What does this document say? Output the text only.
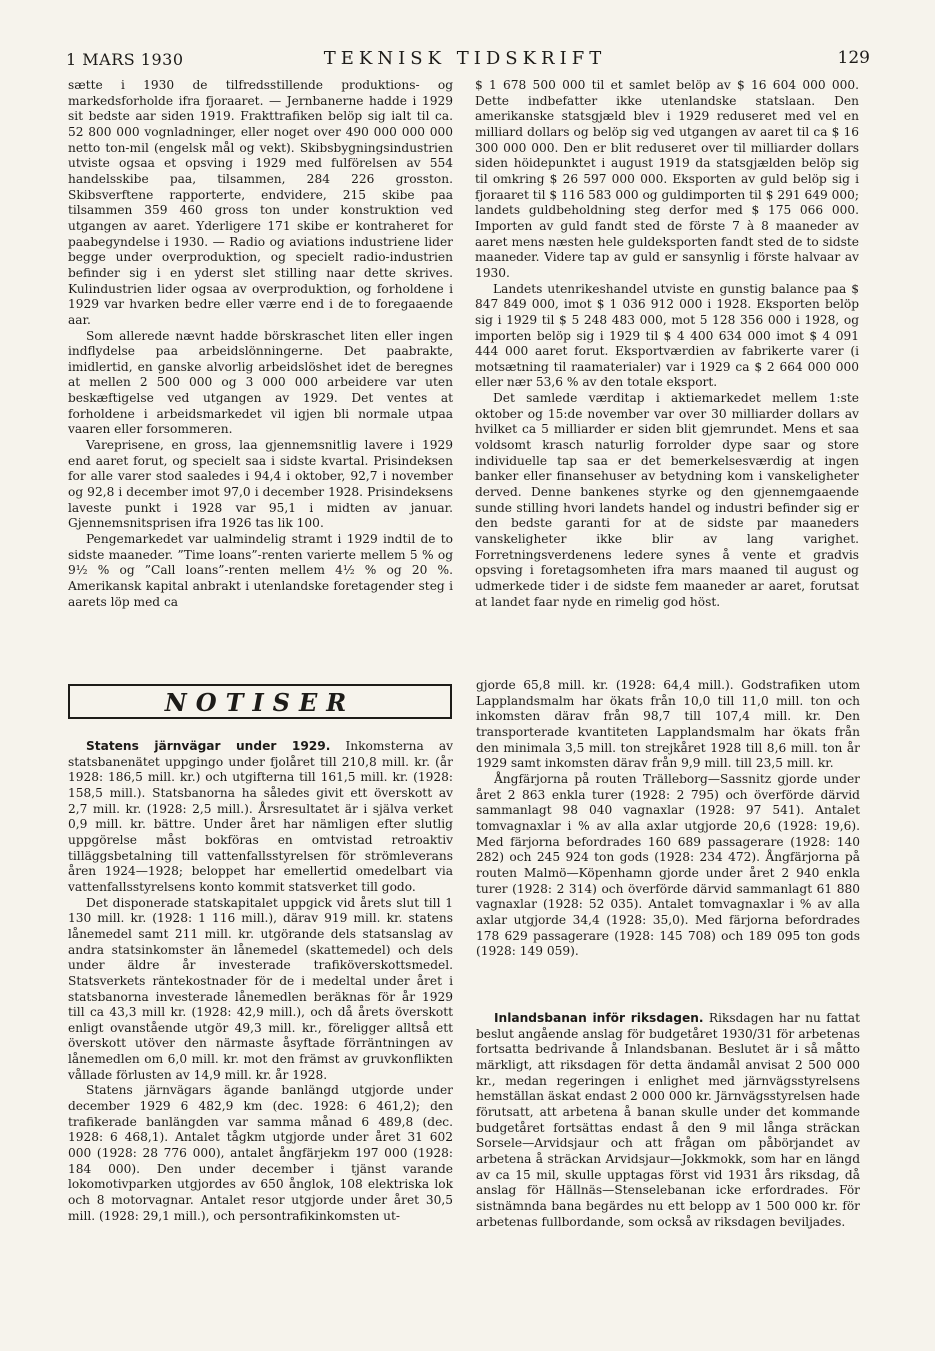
1 MARS 1930	TEKNISK TIDSKRIFT	129

sætte i 1930 de tilfredsstillende produktions- og markedsforholde ifra fjoraaret. — Jernbanerne hadde i 1929 sit bedste aar siden 1919. Frakttrafiken belöp sig ialt til ca. 52 800 000 vognladninger, eller noget over 490 000 000 000 netto ton-mil (engelsk mål og vekt). Skibsbygningsindustrien utviste ogsaa et opsving i 1929 med fulförelsen av 554 handelsskibe paa, tilsammen, 284 226 grosston. Skibsverftene rapporterte, endvidere, 215 skibe paa tilsammen 359 460 gross ton under konstruktion ved utgangen av aaret. Yderligere 171 skibe er kontraheret for paabegyndelse i 1930. — Radio og aviations industriene lider begge under overproduktion, og specielt radio-industrien befinder sig i en yderst slet stilling naar dette skrives. Kulindustrien lider ogsaa av overproduktion, og forholdene i 1929 var hvarken bedre eller værre end i de to foregaaende aar.

Som allerede nævnt hadde börskraschet liten eller ingen indflydelse paa arbeidslönningerne. Det paabrakte, imidlertid, en ganske alvorlig arbeidslöshet idet de beregnes at mellen 2 500 000 og 3 000 000 arbeidere var uten beskæftigelse ved utgangen av 1929. Det ventes at forholdene i arbeidsmarkedet vil igjen bli normale utpaa vaaren eller forsommeren.

Vareprisene, en gross, laa gjennemsnitlig lavere i 1929 end aaret forut, og specielt saa i sidste kvartal. Prisindeksen for alle varer stod saaledes i 94,4 i oktober, 92,7 i november og 92,8 i december imot 97,0 i december 1928. Prisindeksens laveste punkt i 1928 var 95,1 i midten av januar. Gjennemsnitsprisen ifra 1926 tas lik 100.

Pengemarkedet var ualmindelig stramt i 1929 indtil de to sidste maaneder. ”Time loans”-renten varierte mellem 5 % og 9½ % og ”Call loans”-renten mellem 4½ % og 20 %. Amerikansk kapital anbrakt i utenlandske foretagender steg i aarets löp med ca

$ 1 678 500 000 til et samlet belöp av $ 16 604 000 000. Dette indbefatter ikke utenlandske statslaan. Den amerikanske statsgjæld blev i 1929 reduseret med vel en milliard dollars og belöp sig ved utgangen av aaret til ca $ 16 300 000 000. Den er blit reduseret over til milliarder dollars siden höidepunktet i august 1919 da statsgjælden belöp sig til omkring $ 26 597 000 000. Eksporten av guld belöp sig i fjoraaret til $ 116 583 000 og guldimporten til $ 291 649 000; landets guldbeholdning steg derfor med $ 175 066 000. Importen av guld fandt sted de förste 7 à 8 maaneder av aaret mens næsten hele guldeksporten fandt sted de to sidste maaneder. Videre tap av guld er sansynlig i förste halvaar av 1930.

Landets utenrikeshandel utviste en gunstig balance paa $ 847 849 000, imot $ 1 036 912 000 i 1928. Eksporten belöp sig i 1929 til $ 5 248 483 000, mot 5 128 356 000 i 1928, og importen belöp sig i 1929 til $ 4 400 634 000 imot $ 4 091 444 000 aaret forut. Eksportværdien av fabrikerte varer (i motsætning til raamaterialer) var i 1929 ca $ 2 664 000 000 eller nær 53,6 % av den totale eksport.

Det samlede værditap i aktiemarkedet mellem 1:ste oktober og 15:de november var over 30 milliarder dollars av hvilket ca 5 milliarder er siden blit gjemrundet. Mens et saa voldsomt krasch naturlig forrolder dype saar og store individuelle tap saa er det bemerkelsesværdig at ingen banker eller finansehuser av betydning kom i vanskeligheter derved. Denne bankenes styrke og den gjennemgaaende sunde stilling hvori landets handel og industri befinder sig er den bedste garanti for at de sidste par maaneders vanskeligheter ikke blir av lang varighet. Forretningsverdenens ledere synes å vente et gradvis opsving i foretagsomheten ifra mars maaned til august og udmerkede tider i de sidste fem maaneder ar aaret, forutsat at landet faar nyde en rimelig god höst.

NOTISER

Statens järnvägar under 1929. Inkomsterna av statsbanenätet uppgingo under fjolåret till 210,8 mill. kr. (år 1928: 186,5 mill. kr.) och utgifterna till 161,5 mill. kr. (1928: 158,5 mill.). Statsbanorna ha således givit ett överskott av 2,7 mill. kr. (1928: 2,5 mill.). Årsresultatet är i själva verket 0,9 mill. kr. bättre. Under året har nämligen efter slutlig uppgörelse måst bokföras en omtvistad retroaktiv tilläggsbetalning till vattenfallsstyrelsen för strömleverans åren 1924—1928; beloppet har emellertid omedelbart via vattenfallsstyrelsens konto kommit statsverket till godo.

Det disponerade statskapitalet uppgick vid årets slut till 1 130 mill. kr. (1928: 1 116 mill.), därav 919 mill. kr. statens lånemedel samt 211 mill. kr. utgörande dels statsanslag av andra statsinkomster än lånemedel (skattemedel) och dels under äldre år investerade trafiköverskottsmedel. Statsverkets räntekostnader för de i medeltal under året i statsbanorna investerade lånemedlen beräknas för år 1929 till ca 43,3 mill kr. (1928: 42,9 mill.), och då årets överskott enligt ovanstående utgör 49,3 mill. kr., föreligger alltså ett överskott utöver den närmaste åsyftade förräntningen av lånemedlen om 6,0 mill. kr. mot den främst av gruvkonflikten vållade förlusten av 14,9 mill. kr. år 1928.

Statens järnvägars ägande banlängd utgjorde under december 1929 6 482,9 km (dec. 1928: 6 461,2); den trafikerade banlängden var samma månad 6 489,8 (dec. 1928: 6 468,1). Antalet tågkm utgjorde under året 31 602 000 (1928: 28 776 000), antalet ångfärjekm 197 000 (1928: 184 000). Den under december i tjänst varande lokomotivparken utgjordes av 650 ånglok, 108 elektriska lok och 8 motorvagnar. Antalet resor utgjorde under året 30,5 mill. (1928: 29,1 mill.), och persontrafikinkomsten ut-

gjorde 65,8 mill. kr. (1928: 64,4 mill.). Godstrafiken utom Lapplandsmalm har ökats från 10,0 till 11,0 mill. ton och inkomsten därav från 98,7 till 107,4 mill. kr. Den transporterade kvantiteten Lapplandsmalm har ökats från den minimala 3,5 mill. ton strejkåret 1928 till 8,6 mill. ton år 1929 samt inkomsten därav från 9,9 mill. till 23,5 mill. kr.

Ångfärjorna på routen Trälleborg—Sassnitz gjorde under året 2 863 enkla turer (1928: 2 795) och överförde därvid sammanlagt 98 040 vagnaxlar (1928: 97 541). Antalet tomvagnaxlar i % av alla axlar utgjorde 20,6 (1928: 19,6). Med färjorna befordrades 160 689 passagerare (1928: 140 282) och 245 924 ton gods (1928: 234 472). Ångfärjorna på routen Malmö—Köpenhamn gjorde under året 2 940 enkla turer (1928: 2 314) och överförde därvid sammanlagt 61 880 vagnaxlar (1928: 52 035). Antalet tomvagnaxlar i % av alla axlar utgjorde 34,4 (1928: 35,0). Med färjorna befordrades 178 629 passagerare (1928: 145 708) och 189 095 ton gods (1928: 149 059).

Inlandsbanan inför riksdagen. Riksdagen har nu fattat beslut angående anslag för budgetåret 1930/31 för arbetenas fortsatta bedrivande å Inlandsbanan. Beslutet är i så måtto märkligt, att riksdagen för detta ändamål anvisat 2 500 000 kr., medan regeringen i enlighet med järnvägsstyrelsens hemställan äskat endast 2 000 000 kr. Järnvägsstyrelsen hade förutsatt, att arbetena å banan skulle under det kommande budgetåret fortsättas endast å den 9 mil långa sträckan Sorsele—Arvidsjaur och att frågan om påbörjandet av arbetena å sträckan Arvidsjaur—Jokkmokk, som har en längd av ca 15 mil, skulle upptagas först vid 1931 års riksdag, då anslag för Hällnäs—Stenselebanan icke erfordrades. För sistnämnda bana begärdes nu ett belopp av 1 500 000 kr. för arbetenas fullbordande, som också av riksdagen beviljades.
